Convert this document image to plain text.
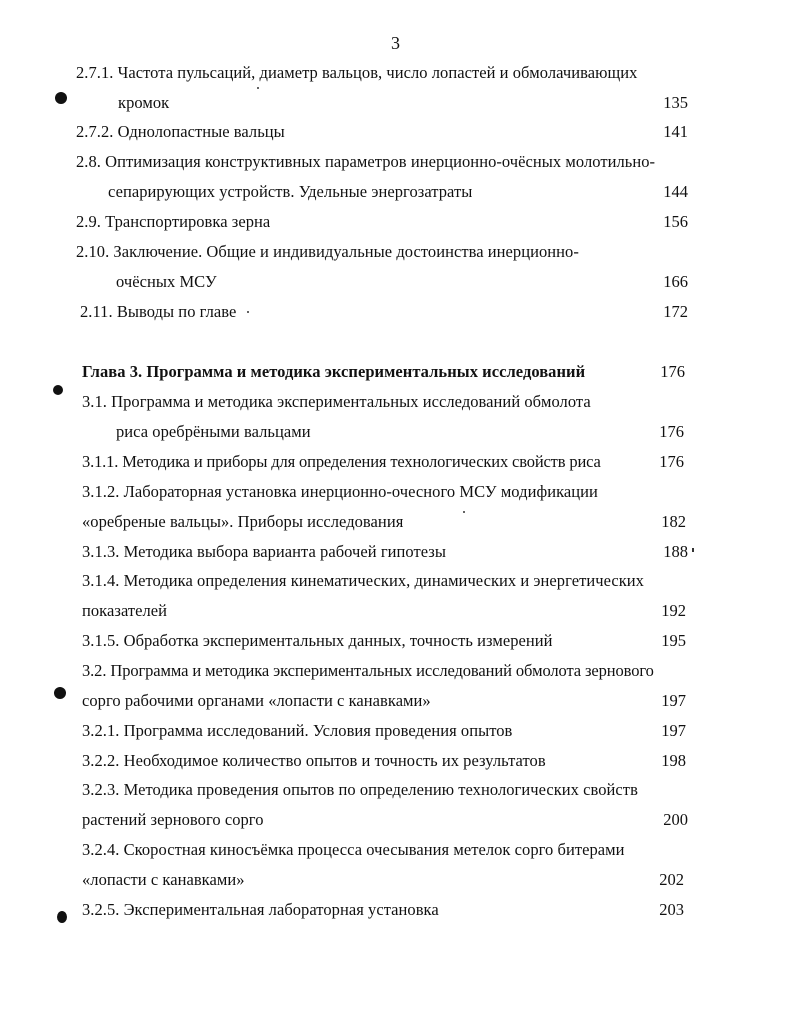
3
2.7.1. Частота пульсаций, диаметр вальцов, число лопастей и обмолачивающих
кромок	135
2.7.2. Однолопастные вальцы	141
2.8. Оптимизация конструктивных параметров инерционно-очёсных молотильно-
сепарирующих устройств. Удельные энергозатраты	144
2.9. Транспортировка зерна	156
2.10. Заключение. Общие и индивидуальные достоинства инерционно-
очёсных МСУ	166
2.11. Выводы по главе	172
Глава 3. Программа и методика экспериментальных исследований	176
3.1. Программа и методика экспериментальных исследований обмолота
риса оребрёными вальцами	176
3.1.1. Методика и приборы для определения технологических свойств риса	176
3.1.2. Лабораторная установка инерционно-очесного МСУ модификации
«оребреные вальцы». Приборы исследования	182
3.1.3. Методика выбора варианта рабочей гипотезы	188
3.1.4. Методика определения кинематических, динамических и энергетических
показателей	192
3.1.5. Обработка экспериментальных данных, точность измерений	195
3.2. Программа и методика экспериментальных исследований обмолота зернового
сорго рабочими органами «лопасти с канавками»	197
3.2.1. Программа исследований. Условия проведения опытов	197
3.2.2. Необходимое количество опытов и точность их результатов	198
3.2.3. Методика проведения опытов по определению технологических свойств
растений зернового сорго	200
3.2.4. Скоростная киносъёмка процесса очесывания метелок сорго битерами
«лопасти с канавками»	202
3.2.5. Экспериментальная лабораторная установка	203
